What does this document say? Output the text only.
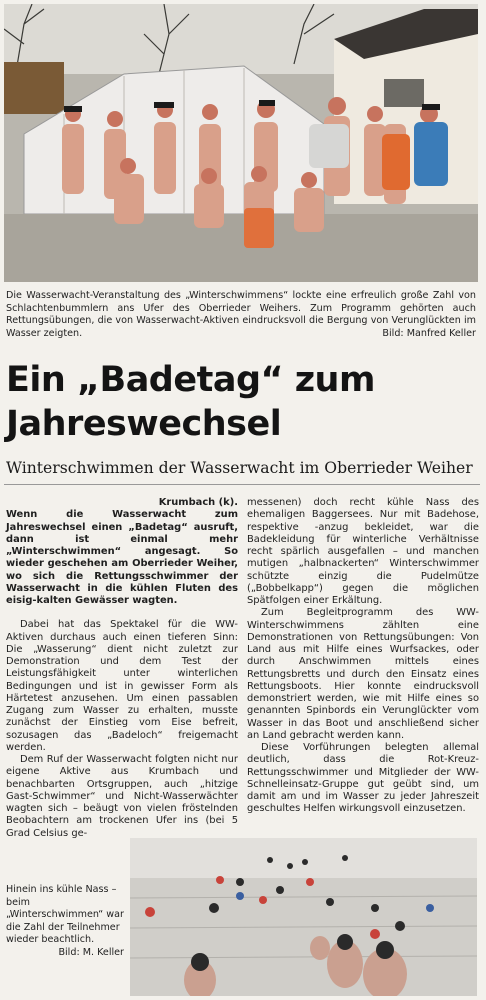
Die Wasserwacht-Veranstaltung des „Winterschwimmens“ lockte eine erfreulich große Zahl von Schlachtenbummlern ans Ufer des Oberrieder Weihers. Zum Programm gehörten auch Rettungsübungen, die von Wasserwacht-Aktiven eindrucksvoll die Bergung von Verunglückten im Wasser zeigten.	Bild: Manfred Keller
Ein „Badetag“ zum
Jahreswechsel
Winterschwimmen der Wasserwacht im Oberrieder Weiher
Krumbach (k).

Wenn die Wasserwacht zum Jahreswechsel einen „Badetag“ ausruft, dann ist einmal mehr „Winterschwimmen“ angesagt. So wieder geschehen am Oberrieder Weiher, wo sich die Rettungsschwimmer der Wasserwacht in die kühlen Fluten des eisig-kalten Gewässer wagten.

Dabei hat das Spektakel für die WW-Aktiven durchaus auch einen tieferen Sinn: Die „Wasserung“ dient nicht zuletzt zur Demonstration und dem Test der Leistungsfähigkeit unter winterlichen Bedingungen und ist in gewisser Form als Härtetest anzusehen. Um einen passablen Zugang zum Wasser zu erhalten, musste zunächst der Einstieg vom Eise befreit, sozusagen das „Badeloch“ freigemacht werden.

Dem Ruf der Wasserwacht folgten nicht nur eigene Aktive aus Krumbach und benachbarten Ortsgruppen, auch „hitzige Gast-Schwimmer“ und Nicht-Wasserwächter wagten sich – beäugt von vielen fröstelnden Beobachtern am trockenen Ufer ins (bei 5 Grad Celsius ge-

messenen) doch recht kühle Nass des ehemaligen Baggersees. Nur mit Badehose, respektive -anzug bekleidet, war die Badekleidung für winterliche Verhältnisse recht spärlich ausgefallen – und manchen mutigen „halbnackerten“ Winterschwimmer schützte einzig die Pudelmütze („Bobbelkapp“) gegen die möglichen Spätfolgen einer Erkältung.

Zum Begleitprogramm des WW-Winterschwimmens zählten eine Demonstrationen von Rettungsübungen: Von Land aus mit Hilfe eines Wurfsackes, oder durch Anschwimmen mittels eines Rettungsbretts und durch den Einsatz eines Rettungsboots. Hier konnte eindrucksvoll demonstriert werden, wie mit Hilfe eines so genannten Spinbords ein Verunglückter vom Wasser in das Boot und anschließend sicher an Land gebracht werden kann.

Diese Vorführungen belegten allemal deutlich, dass die Rot-Kreuz-Rettungsschwimmer und Mitglieder der WW-Schnelleinsatz-Gruppe gut geübt sind, um damit am und im Wasser zu jeder Jahreszeit geschultes Helfen wirkungsvoll einzusetzen.

Hinein ins kühle Nass – beim „Winterschwimmen“ war die Zahl der Teilnehmer wieder beachtlich.
Bild: M. Keller
